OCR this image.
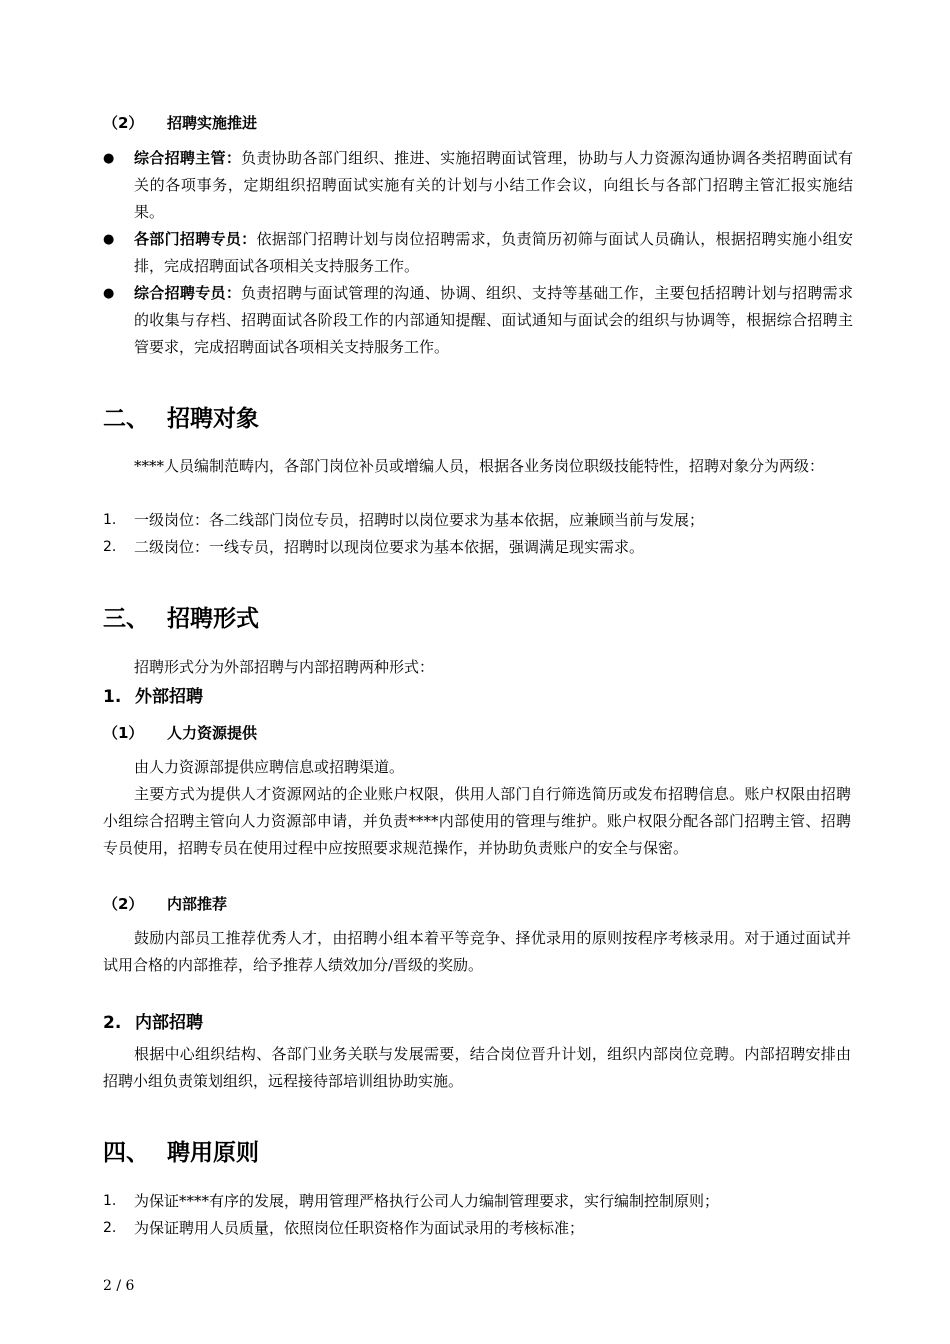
（2） 招聘实施推进
● 综合招聘主管：负责协助各部门组织、推进、实施招聘面试管理，协助与人力资源沟通协调各类招聘面试有关的各项事务，定期组织招聘面试实施有关的计划与小结工作会议，向组长与各部门招聘主管汇报实施结果。
● 各部门招聘专员：依据部门招聘计划与岗位招聘需求，负责简历初筛与面试人员确认，根据招聘实施小组安排，完成招聘面试各项相关支持服务工作。
● 综合招聘专员：负责招聘与面试管理的沟通、协调、组织、支持等基础工作，主要包括招聘计划与招聘需求的收集与存档、招聘面试各阶段工作的内部通知提醒、面试通知与面试会的组织与协调等，根据综合招聘主管要求，完成招聘面试各项相关支持服务工作。
二、 招聘对象
****人员编制范畴内，各部门岗位补员或增编人员，根据各业务岗位职级技能特性，招聘对象分为两级：
1. 一级岗位：各二线部门岗位专员，招聘时以岗位要求为基本依据，应兼顾当前与发展；
2. 二级岗位：一线专员，招聘时以现岗位要求为基本依据，强调满足现实需求。
三、 招聘形式
招聘形式分为外部招聘与内部招聘两种形式：
1. 外部招聘
（1） 人力资源提供
由人力资源部提供应聘信息或招聘渠道。
主要方式为提供人才资源网站的企业账户权限，供用人部门自行筛选简历或发布招聘信息。账户权限由招聘小组综合招聘主管向人力资源部申请，并负责****内部使用的管理与维护。账户权限分配各部门招聘主管、招聘专员使用，招聘专员在使用过程中应按照要求规范操作，并协助负责账户的安全与保密。
（2） 内部推荐
鼓励内部员工推荐优秀人才，由招聘小组本着平等竞争、择优录用的原则按程序考核录用。对于通过面试并试用合格的内部推荐，给予推荐人绩效加分/晋级的奖励。
2. 内部招聘
根据中心组织结构、各部门业务关联与发展需要，结合岗位晋升计划，组织内部岗位竞聘。内部招聘安排由招聘小组负责策划组织，远程接待部培训组协助实施。
四、 聘用原则
1. 为保证****有序的发展，聘用管理严格执行公司人力编制管理要求，实行编制控制原则；
2. 为保证聘用人员质量，依照岗位任职资格作为面试录用的考核标准；
2 / 6
